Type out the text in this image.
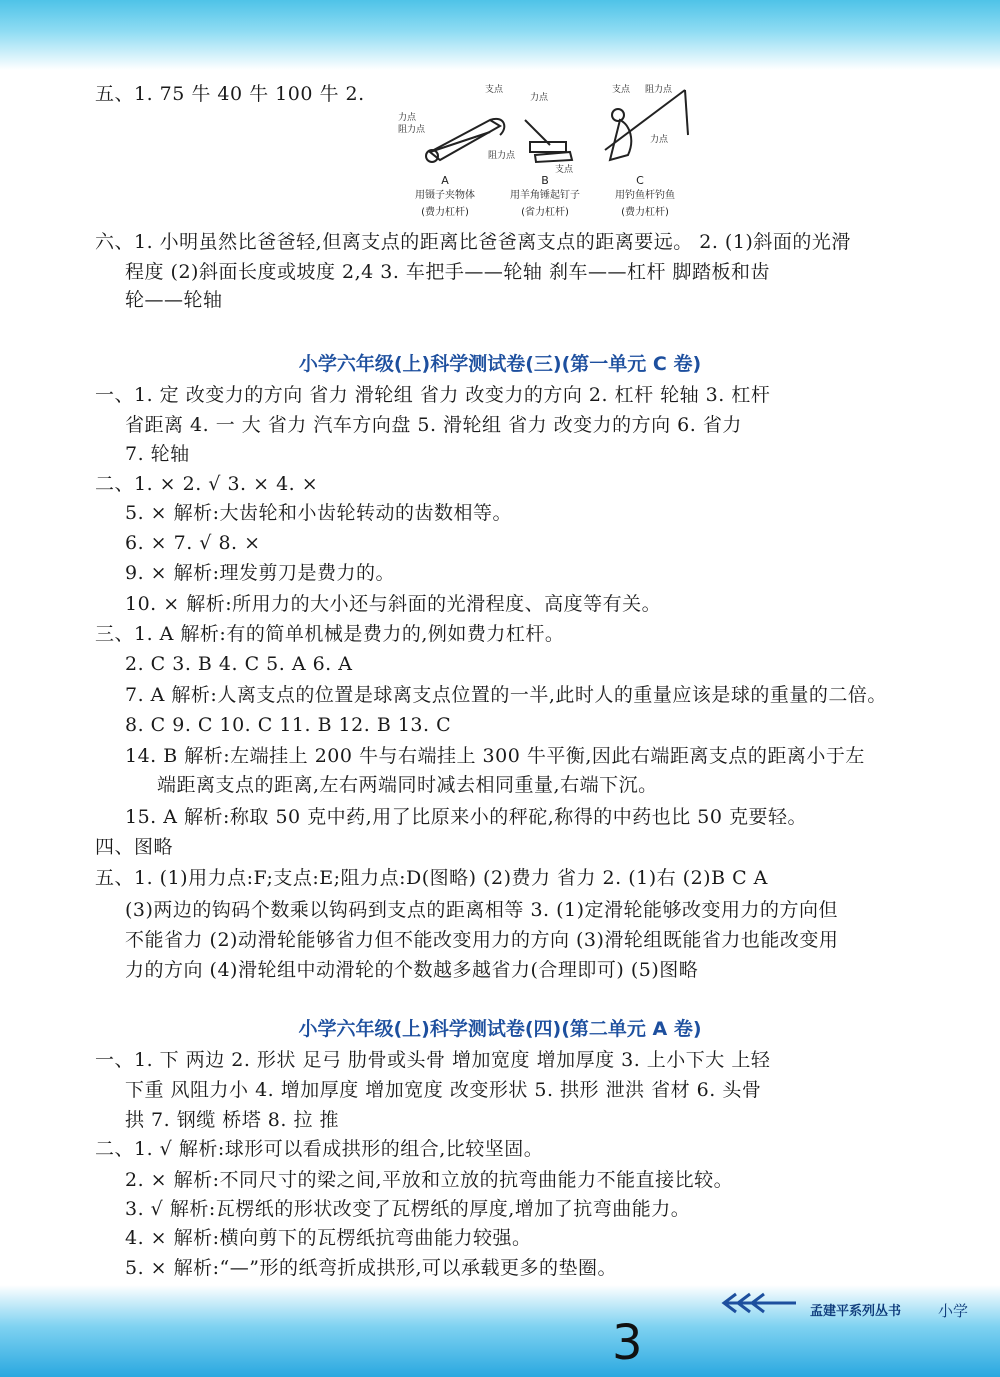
五、1. 75 牛 40 牛 100 牛 2.	支点
力点
阻力点
力点
阻力点
支点
支点 阻力点
力点
A	B	C
用镊子夹物体	用羊角锤起钉子	用钓鱼杆钓鱼
(费力杠杆)	(省力杠杆)	(费力杠杆)
六、1. 小明虽然比爸爸轻,但离支点的距离比爸爸离支点的距离要远。 2. (1)斜面的光滑
程度 (2)斜面长度或坡度 2,4 3. 车把手——轮轴 刹车——杠杆 脚踏板和齿
轮——轮轴
小学六年级(上)科学测试卷(三)(第一单元 C 卷)
一、1. 定 改变力的方向 省力 滑轮组 省力 改变力的方向 2. 杠杆 轮轴 3. 杠杆
省距离 4. 一 大 省力 汽车方向盘 5. 滑轮组 省力 改变力的方向 6. 省力
7. 轮轴
二、1. × 2. √ 3. × 4. ×
5. × 解析:大齿轮和小齿轮转动的齿数相等。
6. × 7. √ 8. ×
9. × 解析:理发剪刀是费力的。
10. × 解析:所用力的大小还与斜面的光滑程度、高度等有关。
三、1. A 解析:有的简单机械是费力的,例如费力杠杆。
2. C 3. B 4. C 5. A 6. A
7. A 解析:人离支点的位置是球离支点位置的一半,此时人的重量应该是球的重量的二倍。
8. C 9. C 10. C 11. B 12. B 13. C
14. B 解析:左端挂上 200 牛与右端挂上 300 牛平衡,因此右端距离支点的距离小于左
端距离支点的距离,左右两端同时减去相同重量,右端下沉。
15. A 解析:称取 50 克中药,用了比原来小的秤砣,称得的中药也比 50 克要轻。
四、图略
五、1. (1)用力点:F;支点:E;阻力点:D(图略) (2)费力 省力 2. (1)右 (2)B C A
(3)两边的钩码个数乘以钩码到支点的距离相等 3. (1)定滑轮能够改变用力的方向但
不能省力 (2)动滑轮能够省力但不能改变用力的方向 (3)滑轮组既能省力也能改变用
力的方向 (4)滑轮组中动滑轮的个数越多越省力(合理即可) (5)图略
小学六年级(上)科学测试卷(四)(第二单元 A 卷)
一、1. 下 两边 2. 形状 足弓 肋骨或头骨 增加宽度 增加厚度 3. 上小下大 上轻
下重 风阻力小 4. 增加厚度 增加宽度 改变形状 5. 拱形 泄洪 省材 6. 头骨
拱 7. 钢缆 桥塔 8. 拉 推
二、1. √ 解析:球形可以看成拱形的组合,比较坚固。
2. × 解析:不同尺寸的梁之间,平放和立放的抗弯曲能力不能直接比较。
3. √ 解析:瓦楞纸的形状改变了瓦楞纸的厚度,增加了抗弯曲能力。
4. × 解析:横向剪下的瓦楞纸抗弯曲能力较强。
5. × 解析:“—”形的纸弯折成拱形,可以承载更多的垫圈。
孟建平系列丛书 小学
3
